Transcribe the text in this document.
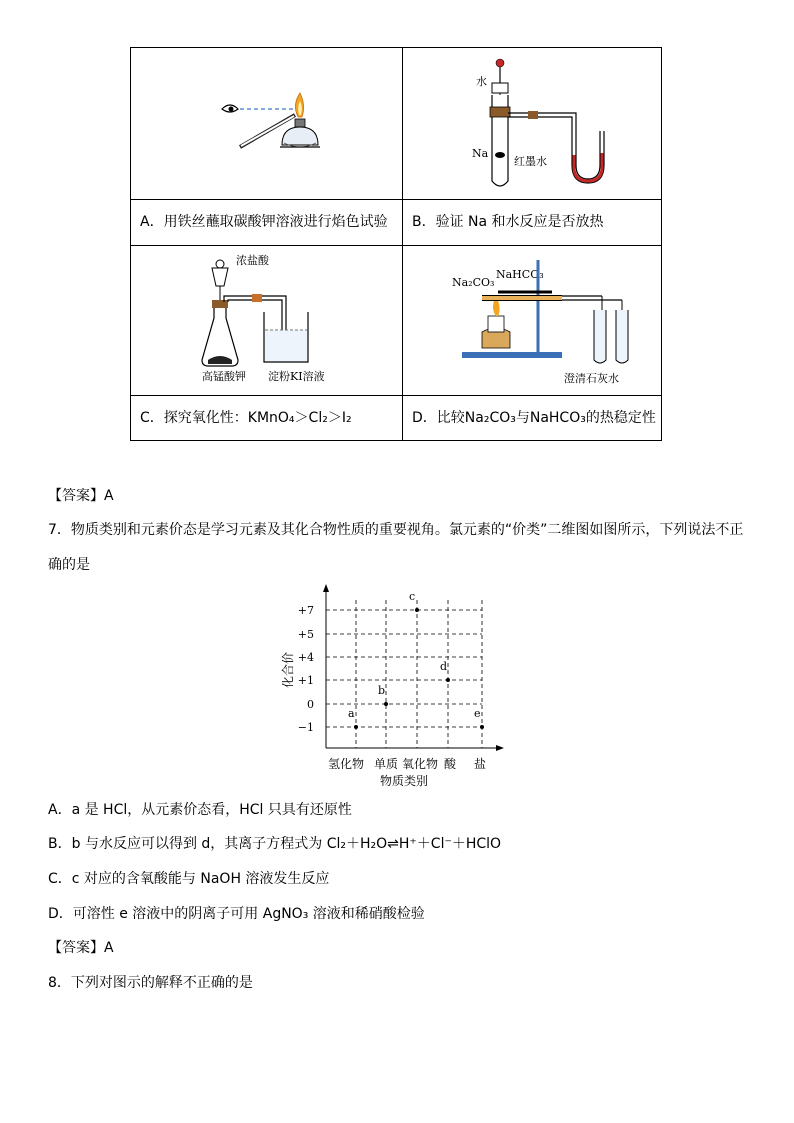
水
Na
红墨水
浓盐酸
高锰酸钾 淀粉KI溶液
Na₂CO₃
NaHCO₃
澄清石灰水
A．用铁丝蘸取碳酸钾溶液进行焰色试验 B．验证 Na 和水反应是否放热
C．探究氧化性：KMnO₄＞Cl₂＞I₂	D．比较Na₂CO₃与NaHCO₃的热稳定性
【答案】A
7．物质类别和元素价态是学习元素及其化合物性质的重要视角。氯元素的“价类”二维图如图所示，下列说法不正
确的是
+7
+5
+4
+1
0
−1
氢化物 单质 氧化物 酸 盐
化合价
物质类别
a
b
c
d
e
A．a 是 HCl，从元素价态看，HCl 只具有还原性
B．b 与水反应可以得到 d，其离子方程式为 Cl₂＋H₂O⇌H⁺＋Cl⁻＋HClO
C．c 对应的含氧酸能与 NaOH 溶液发生反应
D．可溶性 e 溶液中的阴离子可用 AgNO₃ 溶液和稀硝酸检验
【答案】A
8．下列对图示的解释不正确的是
